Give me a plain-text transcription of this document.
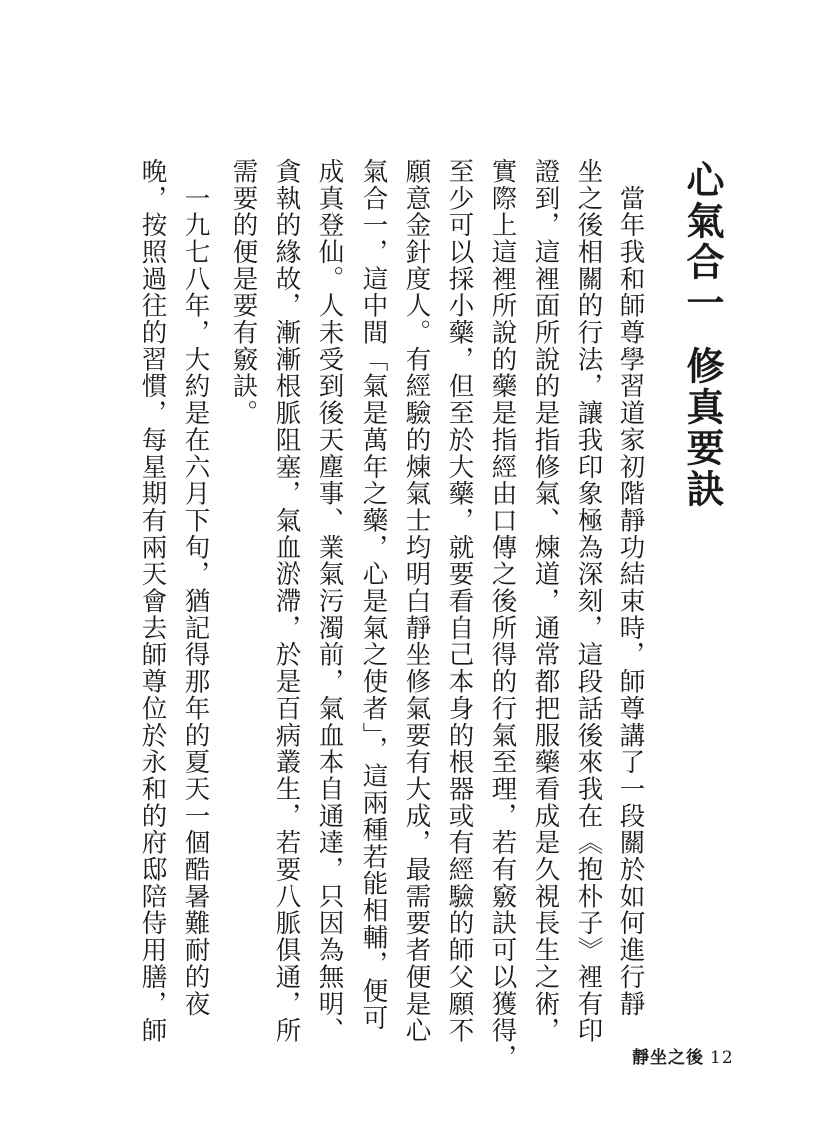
心氣合一修真要訣
　當年我和師尊學習道家初階靜功結束時，師尊講了一段關於如何進行靜
坐之後相關的行法，讓我印象極為深刻，這段話後來我在《抱朴子》裡有印
證到，這裡面所說的是指修氣、煉道，通常都把服藥看成是久視長生之術，
實際上這裡所說的藥是指經由口傳之後所得的行氣至理，若有竅訣可以獲得，
至少可以採小藥，但至於大藥，就要看自己本身的根器或有經驗的師父願不
願意金針度人。有經驗的煉氣士均明白靜坐修氣要有大成，最需要者便是心
氣合一，這中間「氣是萬年之藥，心是氣之使者」，這兩種若能相輔，便可
成真登仙。人未受到後天塵事、業氣污濁前，氣血本自通達，只因為無明、
貪執的緣故，漸漸根脈阻塞，氣血淤滯，於是百病叢生，若要八脈俱通，所
需要的便是要有竅訣。
　一九七八年，大約是在六月下旬，猶記得那年的夏天一個酷暑難耐的夜
晚，按照過往的習慣，每星期有兩天會去師尊位於永和的府邸陪侍用膳，師
靜坐之後 12
